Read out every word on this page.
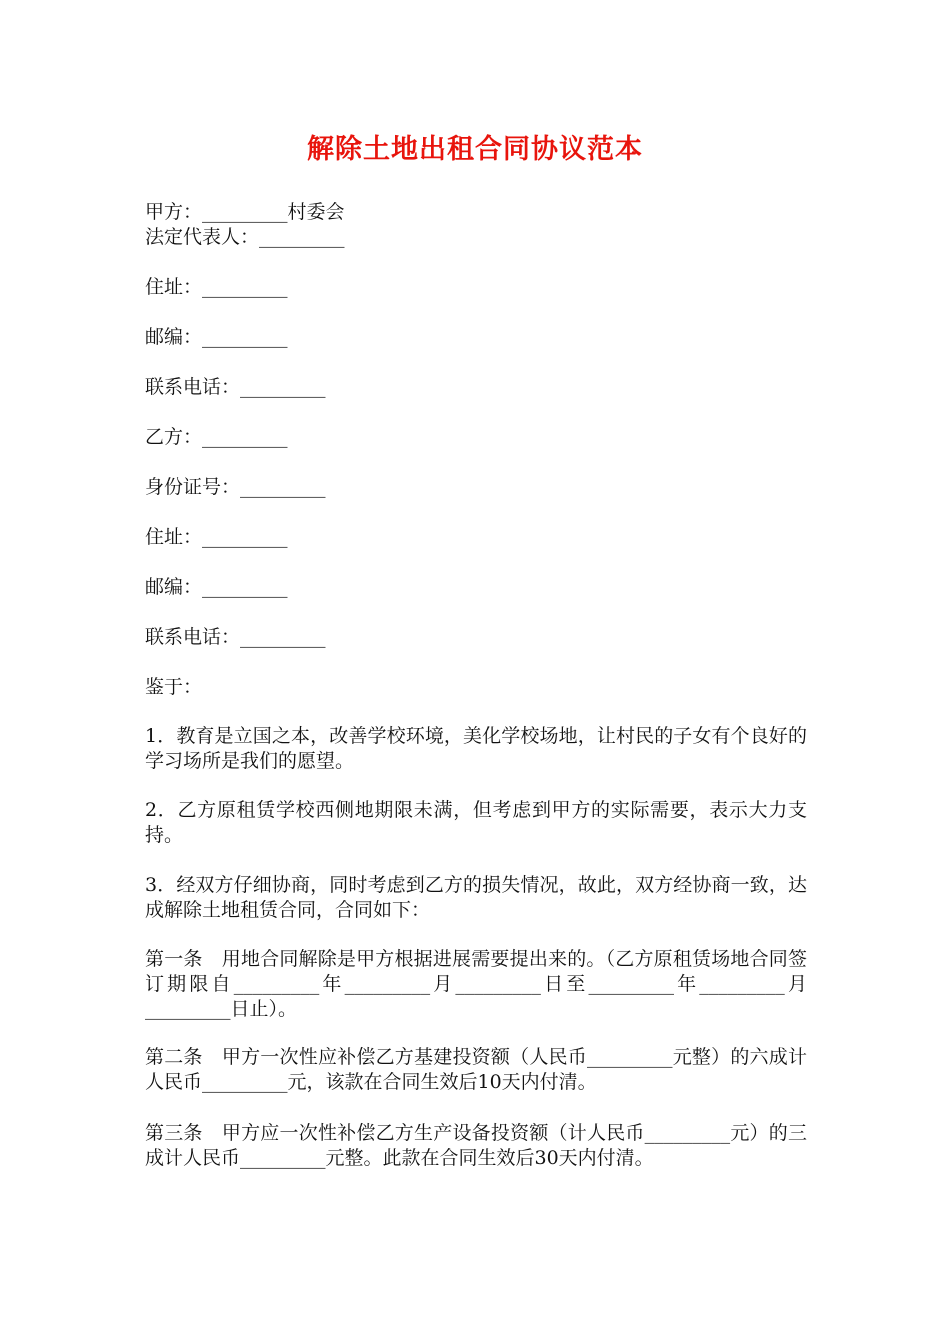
解除土地出租合同协议范本
甲方：_________村委会
法定代表人：_________
住址：_________
邮编：_________
联系电话：_________
乙方：_________
身份证号：_________
住址：_________
邮编：_________
联系电话：_________
鉴于：
1．教育是立国之本，改善学校环境，美化学校场地，让村民的子女有个良好的学习场所是我们的愿望。
2．乙方原租赁学校西侧地期限未满，但考虑到甲方的实际需要，表示大力支持。
3．经双方仔细协商，同时考虑到乙方的损失情况，故此，双方经协商一致，达成解除土地租赁合同，合同如下：
第一条　用地合同解除是甲方根据进展需要提出来的。（乙方原租赁场地合同签订期限自_________年_________月_________日至_________年_________月_________日止）。
第二条　甲方一次性应补偿乙方基建投资额（人民币_________元整）的六成计人民币_________元，该款在合同生效后10天内付清。
第三条　甲方应一次性补偿乙方生产设备投资额（计人民币_________元）的三成计人民币_________元整。此款在合同生效后30天内付清。
